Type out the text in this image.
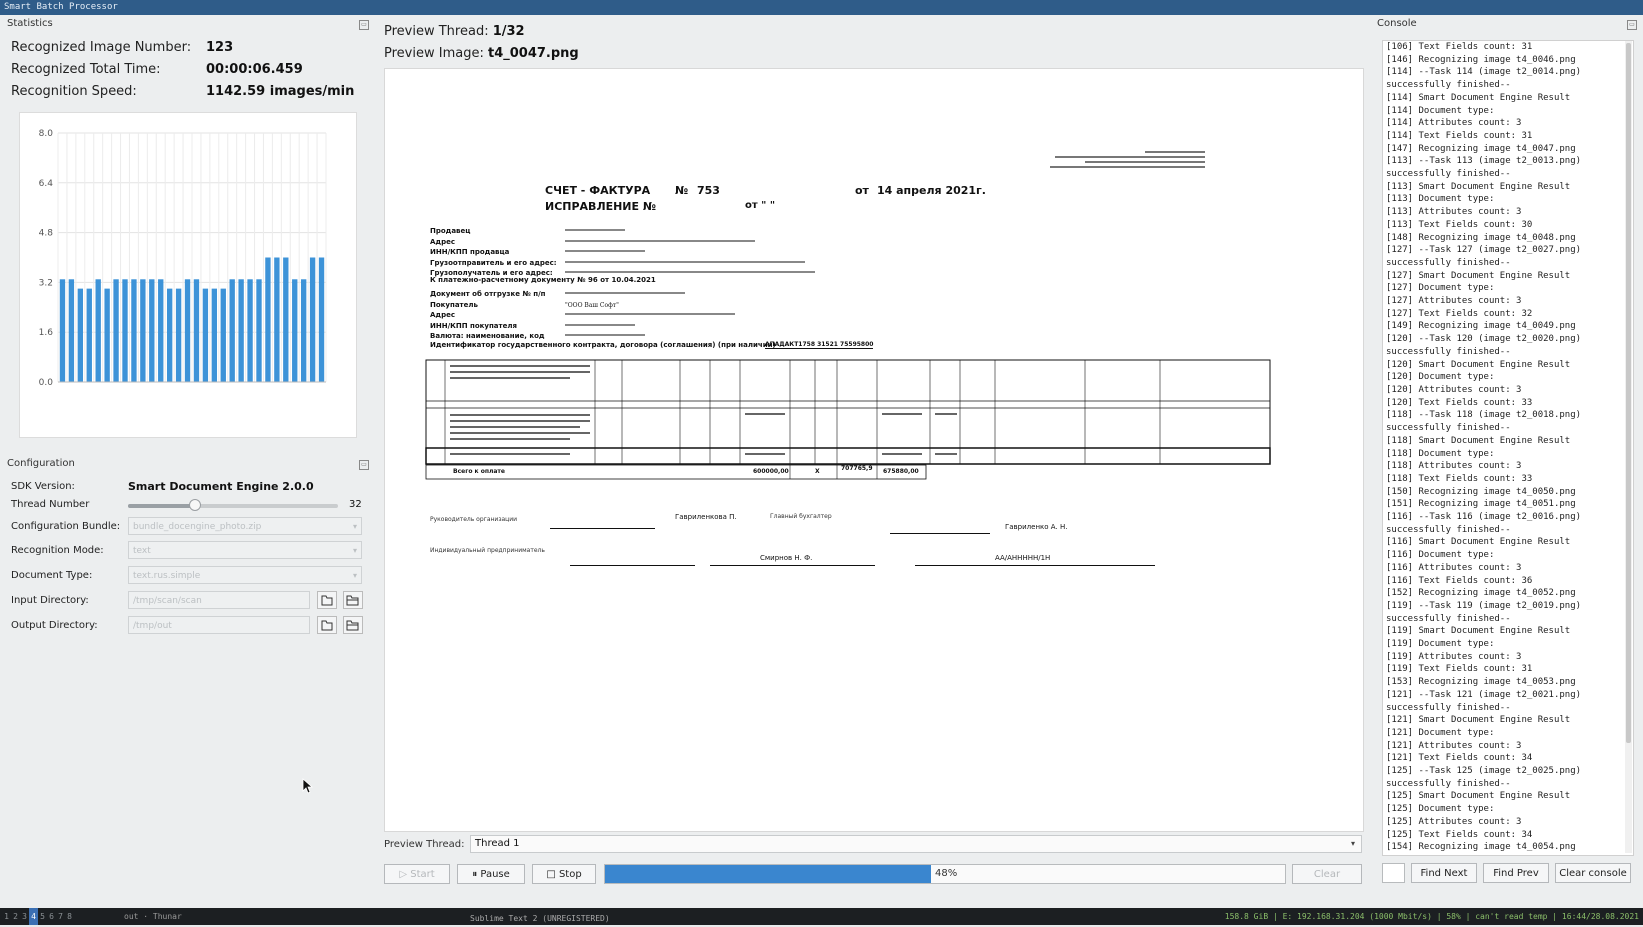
Smart Batch Processor
Statistics	▭
Recognized Image Number: 123
Recognized Total Time:	00:00:06.459
Recognition Speed:	1142.59 images/min
0.0
1.6
3.2
4.8
6.4
8.0
Configuration	▭
SDK Version:	Smart Document Engine 2.0.0
Thread Number	32
Configuration Bundle:	bundle_docengine_photo.zip	▾
Recognition Mode:	text	▾
Document Type:	text.rus.simple	▾
Input Directory:	/tmp/scan/scan
Output Directory:	/tmp/out
Preview Thread: 1/32
Preview Image: t4_0047.png
СЧЕТ - ФАКТУРА № 753	от 14 апреля 2021г.
ИСПРАВЛЕНИЕ №	от " "
Продавец
Адрес
ИНН/КПП продавца
Грузоотправитель и его адрес:
Грузополучатель и его адрес:
К платежно-расчетному документу № 96 от 10.04.2021
Документ об отгрузке № п/п
Покупатель
Адрес
ИНН/КПП покупателя
Валюта: наименование, код
"ООО Ваш Софт"
Идентификатор государственного контракта, договора (соглашения) (при наличии)
АПАДАКТ1758 31521 75595800
Всего к оплате	600000,00	Х	707765,9 675880,00
Руководитель организации	Гавриленкова П.	Главный бухгалтер
Гавриленко А. Н.
Индивидуальный предприниматель
Смирнов Н. Ф.	AA/AHHHHH/1H
Preview Thread:	Thread 1	▾
▷ Start	⏸ Pause	□ Stop	48%	Clear
Console	▭
[106] Text Fields count: 31
[146] Recognizing image t4_0046.png
[114] --Task 114 (image t2_0014.png)
successfully finished--
[114] Smart Document Engine Result
[114] Document type:
[114] Attributes count: 3
[114] Text Fields count: 31
[147] Recognizing image t4_0047.png
[113] --Task 113 (image t2_0013.png)
successfully finished--
[113] Smart Document Engine Result
[113] Document type:
[113] Attributes count: 3
[113] Text Fields count: 30
[148] Recognizing image t4_0048.png
[127] --Task 127 (image t2_0027.png)
successfully finished--
[127] Smart Document Engine Result
[127] Document type:
[127] Attributes count: 3
[127] Text Fields count: 32
[149] Recognizing image t4_0049.png
[120] --Task 120 (image t2_0020.png)
successfully finished--
[120] Smart Document Engine Result
[120] Document type:
[120] Attributes count: 3
[120] Text Fields count: 33
[118] --Task 118 (image t2_0018.png)
successfully finished--
[118] Smart Document Engine Result
[118] Document type:
[118] Attributes count: 3
[118] Text Fields count: 33
[150] Recognizing image t4_0050.png
[151] Recognizing image t4_0051.png
[116] --Task 116 (image t2_0016.png)
successfully finished--
[116] Smart Document Engine Result
[116] Document type:
[116] Attributes count: 3
[116] Text Fields count: 36
[152] Recognizing image t4_0052.png
[119] --Task 119 (image t2_0019.png)
successfully finished--
[119] Smart Document Engine Result
[119] Document type:
[119] Attributes count: 3
[119] Text Fields count: 31
[153] Recognizing image t4_0053.png
[121] --Task 121 (image t2_0021.png)
successfully finished--
[121] Smart Document Engine Result
[121] Document type:
[121] Attributes count: 3
[121] Text Fields count: 34
[125] --Task 125 (image t2_0025.png)
successfully finished--
[125] Smart Document Engine Result
[125] Document type:
[125] Attributes count: 3
[125] Text Fields count: 34
[154] Recognizing image t4_0054.png
Find Next	Find Prev	Clear console
1 2 3 4 5 6 7 8	out · Thunar	Sublime Text 2 (UNREGISTERED)	158.8 GiB | E: 192.168.31.204 (1000 Mbit/s) | 58% | can't read temp | 16:44/28.08.2021
